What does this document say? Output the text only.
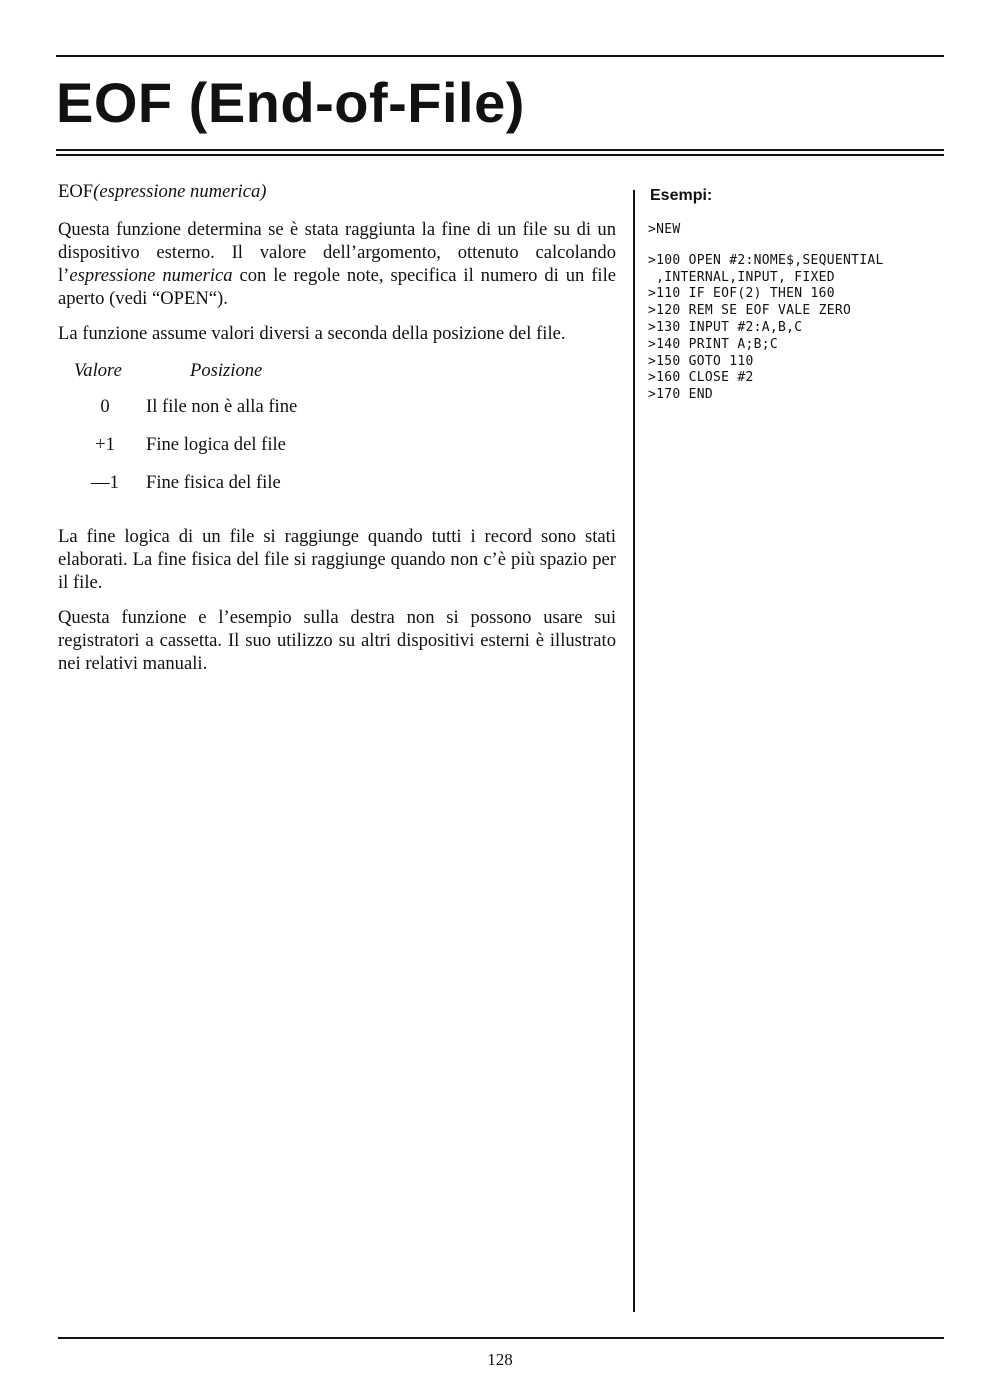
EOF (End-of-File)

EOF(espressione numerica)

Questa funzione determina se è stata raggiunta la fine di un file su di un dispositivo esterno. Il valore dell’argomento, ottenuto calcolando l’espressione numerica con le regole note, specifica il numero di un file aperto (vedi “OPEN“).

La funzione assume valori diversi a seconda della posizione del file.

Valore	Posizione
0	Il file non è alla fine
+1	Fine logica del file
—1	Fine fisica del file

La fine logica di un file si raggiunge quando tutti i record sono stati elaborati. La fine fisica del file si raggiunge quando non c’è più spazio per il file.

Questa funzione e l’esempio sulla destra non si possono usare sui registratori a cassetta. Il suo utilizzo su altri dispositivi esterni è illustrato nei relativi manuali.

Esempi:

>NEW

>100 OPEN #2:NOME$,SEQUENTIAL

,INTERNAL,INPUT, FIXED

>110 IF EOF(2) THEN 160

>120 REM SE EOF VALE ZERO

>130 INPUT #2:A,B,C

>140 PRINT A;B;C

>150 GOTO 110

>160 CLOSE #2

>170 END

128
